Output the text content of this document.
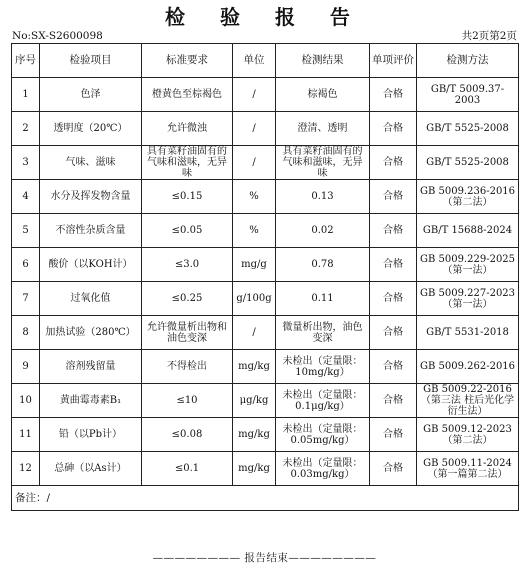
检 验 报 告
No:SX-S2600098	共2页第2页
序号	检验项目	标准要求	单位	检测结果	单项评价	检测方法
1	色泽	橙黄色至棕褐色	/	棕褐色	合格	GB/T 5009.37-2003
2	透明度（20℃）	允许微浊	/	澄清、透明	合格	GB/T 5525-2008
3	气味、滋味	具有菜籽油固有的气味和滋味，无异味	/	具有菜籽油固有的气味和滋味，无异味	合格	GB/T 5525-2008
4	水分及挥发物含量	≤0.15	%	0.13	合格	GB 5009.236-2016（第二法）
5	不溶性杂质含量	≤0.05	%	0.02	合格	GB/T 15688-2024
6	酸价（以KOH计）	≤3.0	mg/g	0.78	合格	GB 5009.229-2025（第一法）
7	过氧化值	≤0.25	g/100g	0.11	合格	GB 5009.227-2023（第一法）
8	加热试验（280℃）	允许微量析出物和油色变深	/	微量析出物，油色变深	合格	GB/T 5531-2018
9	溶剂残留量	不得检出	mg/kg	未检出（定量限：10mg/kg）	合格	GB 5009.262-2016
10	黄曲霉毒素B₁	≤10	μg/kg	未检出（定量限：0.1μg/kg）	合格	GB 5009.22-2016（第三法 柱后光化学衍生法）
11	铅（以Pb计）	≤0.08	mg/kg	未检出（定量限：0.05mg/kg）	合格	GB 5009.12-2023（第二法）
12	总砷（以As计）	≤0.1	mg/kg	未检出（定量限：0.03mg/kg）	合格	GB 5009.11-2024（第一篇第二法）
备注：/						
———————— 报告结束————————
